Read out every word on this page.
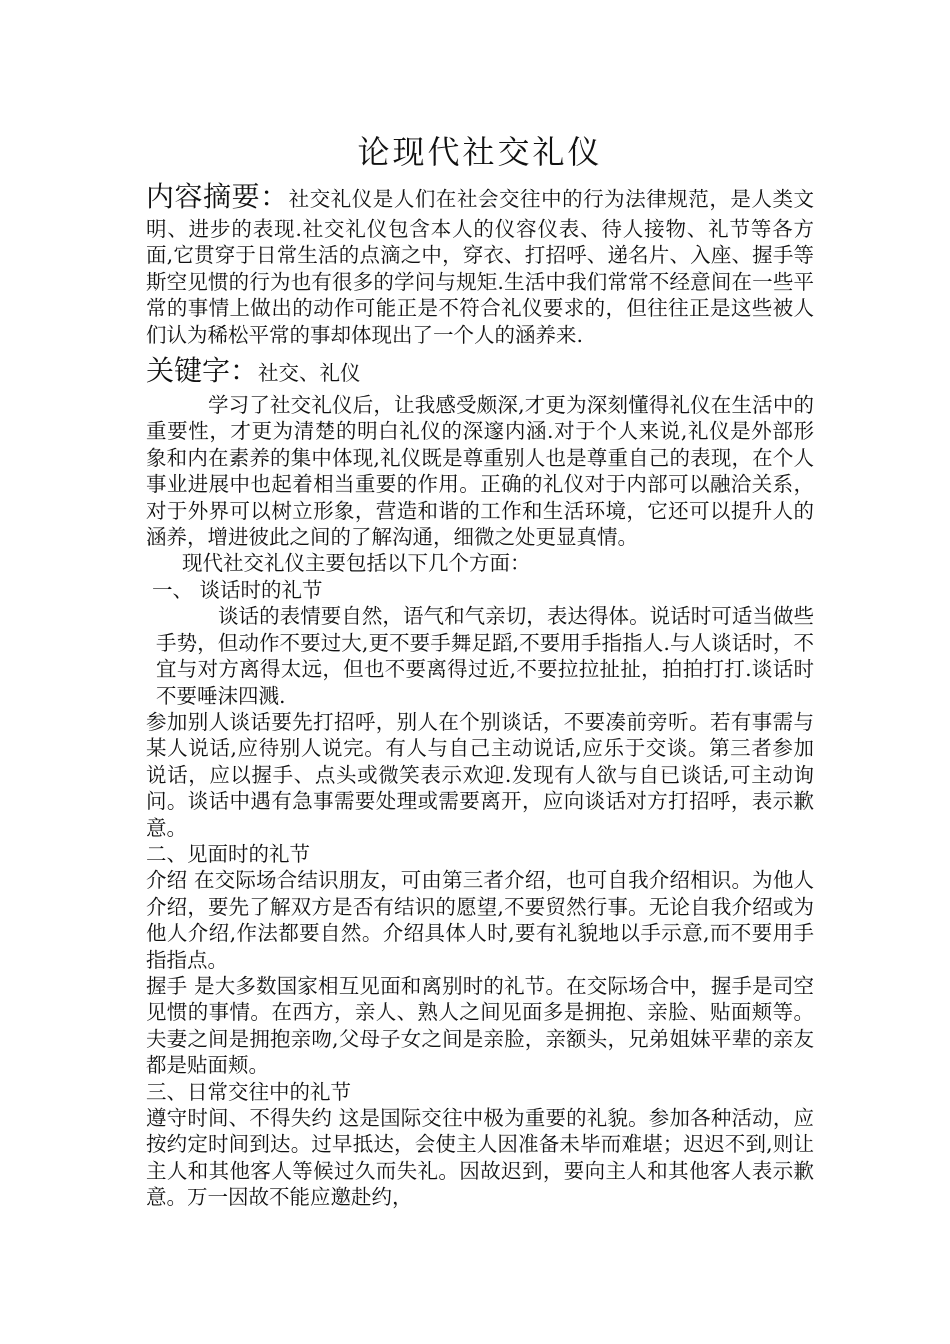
论现代社交礼仪

内容摘要：社交礼仪是人们在社会交往中的行为法律规范，是人类文明、进步的表现.社交礼仪包含本人的仪容仪表、待人接物、礼节等各方面,它贯穿于日常生活的点滴之中，穿衣、打招呼、递名片、入座、握手等斯空见惯的行为也有很多的学问与规矩.生活中我们常常不经意间在一些平常的事情上做出的动作可能正是不符合礼仪要求的，但往往正是这些被人们认为稀松平常的事却体现出了一个人的涵养来.

关键字：社交、礼仪

学习了社交礼仪后，让我感受颇深,才更为深刻懂得礼仪在生活中的重要性，才更为清楚的明白礼仪的深邃内涵.对于个人来说,礼仪是外部形象和内在素养的集中体现,礼仪既是尊重别人也是尊重自己的表现，在个人事业进展中也起着相当重要的作用。正确的礼仪对于内部可以融洽关系，对于外界可以树立形象，营造和谐的工作和生活环境，它还可以提升人的涵养，增进彼此之间的了解沟通，细微之处更显真情。

现代社交礼仪主要包括以下几个方面：

一、 谈话时的礼节

谈话的表情要自然，语气和气亲切，表达得体。说话时可适当做些手势，但动作不要过大,更不要手舞足蹈,不要用手指指人.与人谈话时，不宜与对方离得太远，但也不要离得过近,不要拉拉扯扯，拍拍打打.谈话时不要唾沫四溅.

参加别人谈话要先打招呼，别人在个别谈话，不要凑前旁听。若有事需与某人说话,应待别人说完。有人与自己主动说话,应乐于交谈。第三者参加说话，应以握手、点头或微笑表示欢迎.发现有人欲与自已谈话,可主动询问。谈话中遇有急事需要处理或需要离开，应向谈话对方打招呼，表示歉意。

二、见面时的礼节

介绍 在交际场合结识朋友，可由第三者介绍，也可自我介绍相识。为他人介绍，要先了解双方是否有结识的愿望,不要贸然行事。无论自我介绍或为他人介绍,作法都要自然。介绍具体人时,要有礼貌地以手示意,而不要用手指指点。

握手 是大多数国家相互见面和离别时的礼节。在交际场合中，握手是司空见惯的事情。在西方，亲人、熟人之间见面多是拥抱、亲脸、贴面颊等。夫妻之间是拥抱亲吻,父母子女之间是亲脸，亲额头，兄弟姐妹平辈的亲友都是贴面颊。

三、日常交往中的礼节

遵守时间、不得失约 这是国际交往中极为重要的礼貌。参加各种活动，应按约定时间到达。过早抵达，会使主人因准备未毕而难堪；迟迟不到,则让主人和其他客人等候过久而失礼。因故迟到，要向主人和其他客人表示歉意。万一因故不能应邀赴约，
